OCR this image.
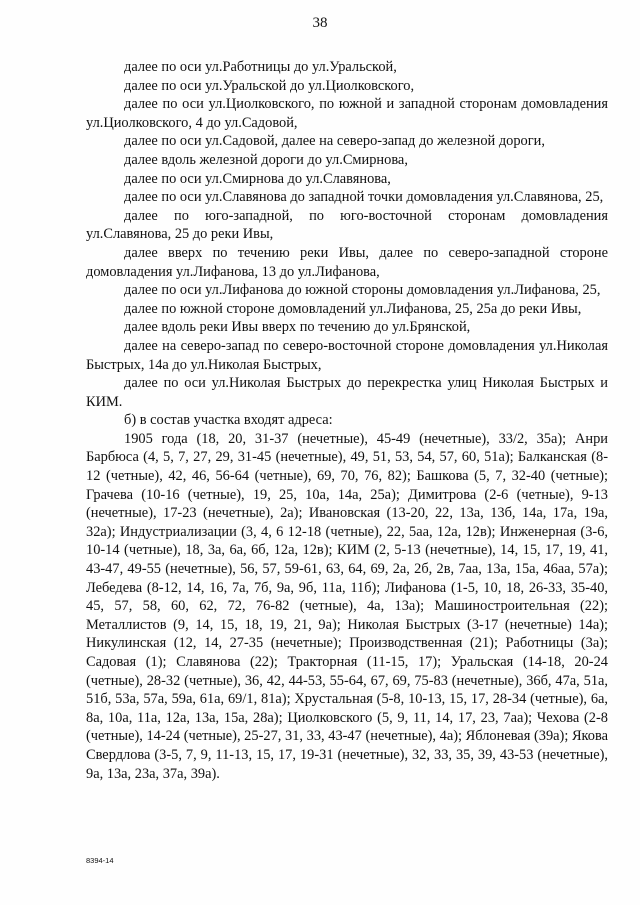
38

далее по оси ул.Работницы до ул.Уральской,

далее по оси ул.Уральской до ул.Циолковского,

далее по оси ул.Циолковского, по южной и западной сторонам домовладения ул.Циолковского, 4 до ул.Садовой,

далее по оси ул.Садовой, далее на северо-запад до железной дороги,

далее вдоль железной дороги до ул.Смирнова,

далее по оси ул.Смирнова до ул.Славянова,

далее по оси ул.Славянова до западной точки домовладения ул.Славянова, 25,

далее по юго-западной, по юго-восточной сторонам домовладения ул.Славянова, 25 до реки Ивы,

далее вверх по течению реки Ивы, далее по северо-западной стороне домовладения ул.Лифанова, 13 до ул.Лифанова,

далее по оси ул.Лифанова до южной стороны домовладения ул.Лифанова, 25,

далее по южной стороне домовладений ул.Лифанова, 25, 25а до реки Ивы,

далее вдоль реки Ивы вверх по течению до ул.Брянской,

далее на северо-запад по северо-восточной стороне домовладения ул.Николая Быстрых, 14а до ул.Николая Быстрых,

далее по оси ул.Николая Быстрых до перекрестка улиц Николая Быстрых и КИМ.

б) в состав участка входят адреса:

1905 года (18, 20, 31-37 (нечетные), 45-49 (нечетные), 33/2, 35а); Анри Барбюса (4, 5, 7, 27, 29, 31-45 (нечетные), 49, 51, 53, 54, 57, 60, 51а); Балканская (8-12 (четные), 42, 46, 56-64 (четные), 69, 70, 76, 82); Башкова (5, 7, 32-40 (четные); Грачева (10-16 (четные), 19, 25, 10а, 14а, 25а); Димитрова (2-6 (четные), 9-13 (нечетные), 17-23 (нечетные), 2а); Ивановская (13-20, 22, 13а, 13б, 14а, 17а, 19а, 32а); Индустриализации (3, 4, 6 12-18 (четные), 22, 5аа, 12а, 12в); Инженерная (3-6, 10-14 (четные), 18, 3а, 6а, 6б, 12а, 12в); КИМ (2, 5-13 (нечетные), 14, 15, 17, 19, 41, 43-47, 49-55 (нечетные), 56, 57, 59-61, 63, 64, 69, 2а, 2б, 2в, 7аа, 13а, 15а, 46аа, 57а); Лебедева (8-12, 14, 16, 7а, 7б, 9а, 9б, 11а, 11б); Лифанова (1-5, 10, 18, 26-33, 35-40, 45, 57, 58, 60, 62, 72, 76-82 (четные), 4а, 13а); Машиностроительная (22); Металлистов (9, 14, 15, 18, 19, 21, 9а); Николая Быстрых (3-17 (нечетные) 14а); Никулинская (12, 14, 27-35 (нечетные); Производственная (21); Работницы (3а); Садовая (1); Славянова (22); Тракторная (11-15, 17); Уральская (14-18, 20-24 (четные), 28-32 (четные), 36, 42, 44-53, 55-64, 67, 69, 75-83 (нечетные), 36б, 47а, 51а, 51б, 53а, 57а, 59а, 61а, 69/1, 81а); Хрустальная (5-8, 10-13, 15, 17, 28-34 (четные), 6а, 8а, 10а, 11а, 12а, 13а, 15а, 28а); Циолковского (5, 9, 11, 14, 17, 23, 7аа); Чехова (2-8 (четные), 14-24 (четные), 25-27, 31, 33, 43-47 (нечетные), 4а); Яблоневая (39а); Якова Свердлова (3-5, 7, 9, 11-13, 15, 17, 19-31 (нечетные), 32, 33, 35, 39, 43-53 (нечетные), 9а, 13а, 23а, 37а, 39а).

8394-14
